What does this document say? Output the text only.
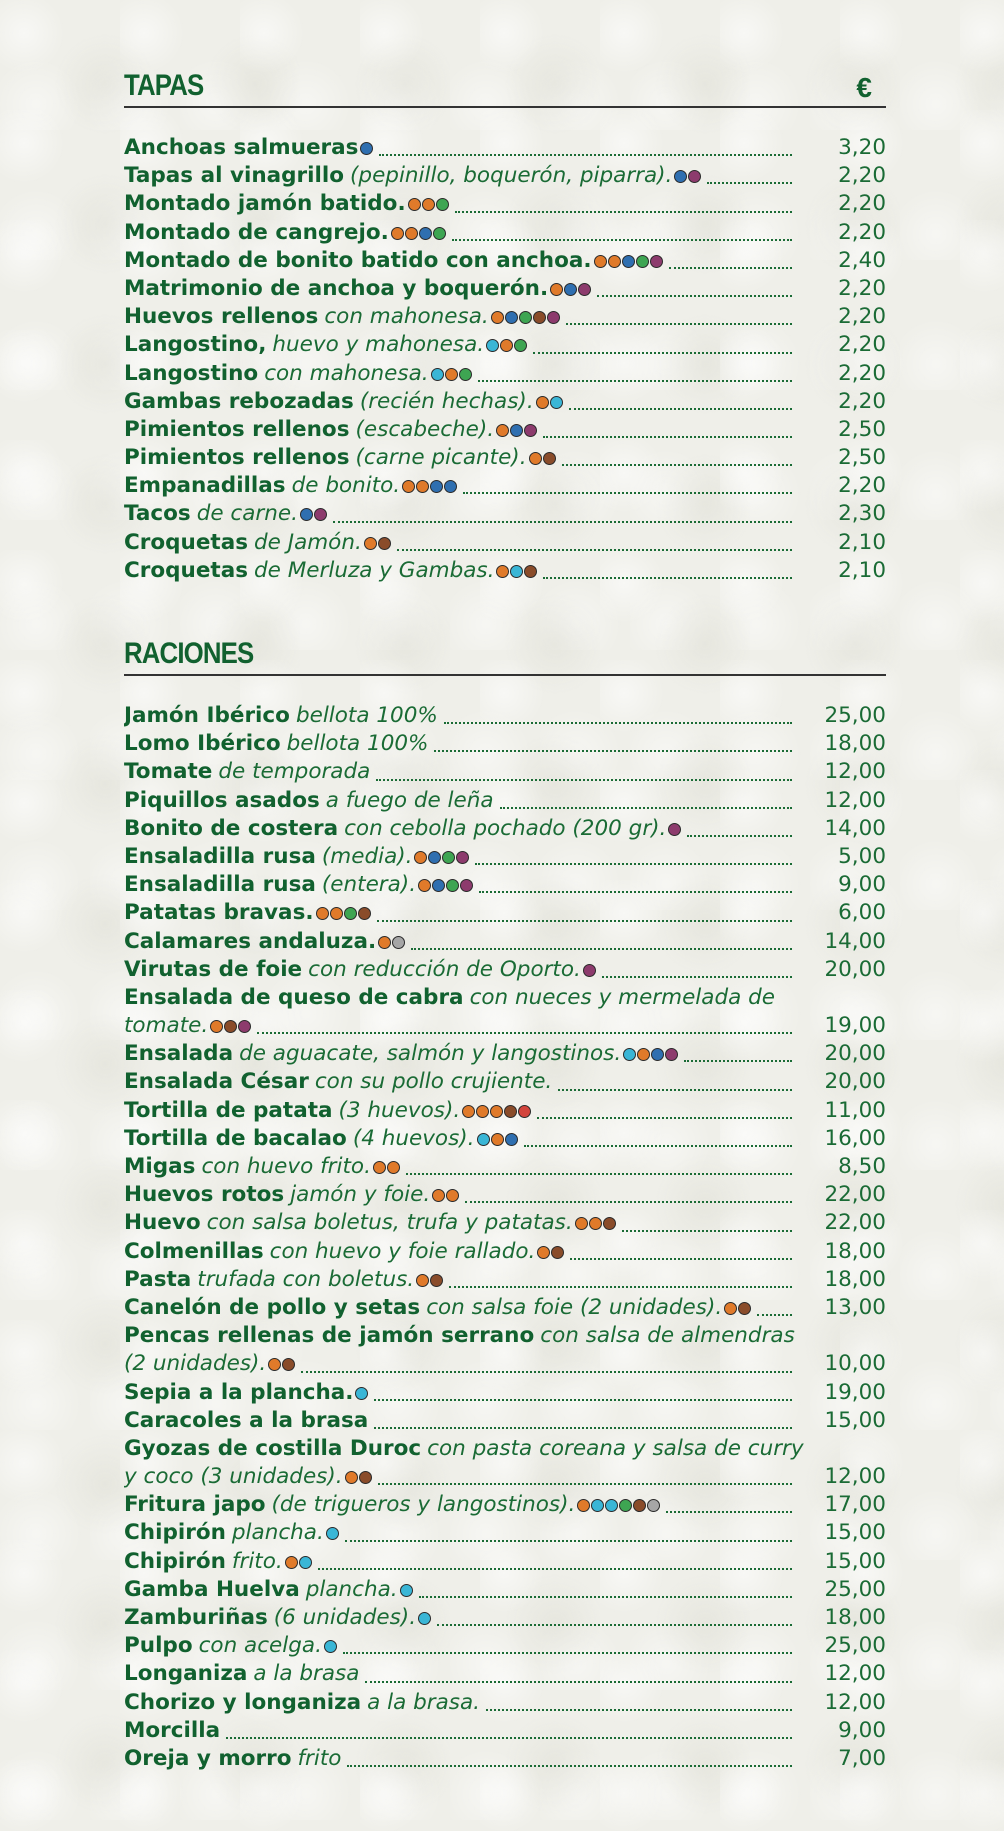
TAPAS	€
Anchoas salmueras	3,20
Tapas al vinagrillo (pepinillo, boquerón, piparra).	2,20
Montado jamón batido.	2,20
Montado de cangrejo.	2,20
Montado de bonito batido con anchoa.	2,40
Matrimonio de anchoa y boquerón.	2,20
Huevos rellenos con mahonesa.	2,20
Langostino, huevo y mahonesa.	2,20
Langostino con mahonesa.	2,20
Gambas rebozadas (recién hechas).	2,20
Pimientos rellenos (escabeche).	2,50
Pimientos rellenos (carne picante).	2,50
Empanadillas de bonito.	2,20
Tacos de carne.	2,30
Croquetas de Jamón.	2,10
Croquetas de Merluza y Gambas.	2,10
RACIONES
Jamón Ibérico bellota 100%	25,00
Lomo Ibérico bellota 100%	18,00
Tomate de temporada	12,00
Piquillos asados a fuego de leña	12,00
Bonito de costera con cebolla pochado (200 gr).	14,00
Ensaladilla rusa (media).	5,00
Ensaladilla rusa (entera).	9,00
Patatas bravas.	6,00
Calamares andaluza.	14,00
Virutas de foie con reducción de Oporto.	20,00
Ensalada de queso de cabra con nueces y mermelada de
tomate.	19,00
Ensalada de aguacate, salmón y langostinos.	20,00
Ensalada César con su pollo crujiente.	20,00
Tortilla de patata (3 huevos).	11,00
Tortilla de bacalao (4 huevos).	16,00
Migas con huevo frito.	8,50
Huevos rotos jamón y foie.	22,00
Huevo con salsa boletus, trufa y patatas.	22,00
Colmenillas con huevo y foie rallado.	18,00
Pasta trufada con boletus.	18,00
Canelón de pollo y setas con salsa foie (2 unidades).	13,00
Pencas rellenas de jamón serrano con salsa de almendras
(2 unidades).	10,00
Sepia a la plancha.	19,00
Caracoles a la brasa	15,00
Gyozas de costilla Duroc con pasta coreana y salsa de curry
y coco (3 unidades).	12,00
Fritura japo (de trigueros y langostinos).	17,00
Chipirón plancha.	15,00
Chipirón frito.	15,00
Gamba Huelva plancha.	25,00
Zamburiñas (6 unidades).	18,00
Pulpo con acelga.	25,00
Longaniza a la brasa	12,00
Chorizo y longaniza a la brasa.	12,00
Morcilla	9,00
Oreja y morro frito	7,00
